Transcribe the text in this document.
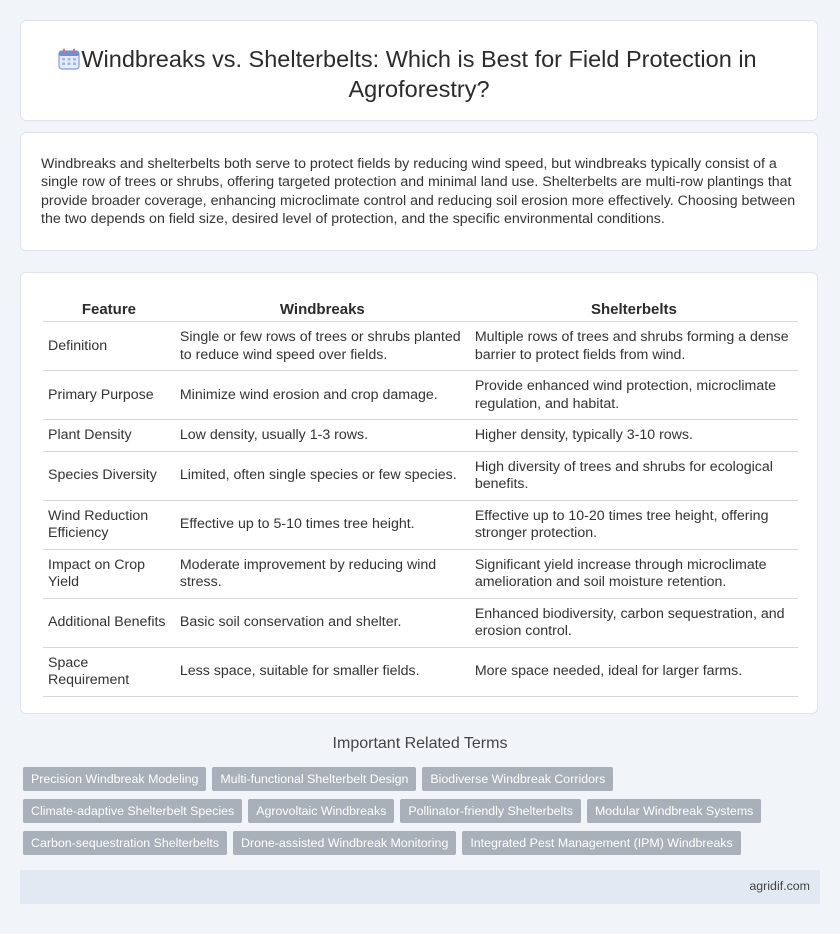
Windbreaks vs. Shelterbelts: Which is Best for Field Protection in Agroforestry?

Windbreaks and shelterbelts both serve to protect fields by reducing wind speed, but windbreaks typically consist of a single row of trees or shrubs, offering targeted protection and minimal land use. Shelterbelts are multi-row plantings that provide broader coverage, enhancing microclimate control and reducing soil erosion more effectively. Choosing between the two depends on field size, desired level of protection, and the specific environmental conditions.

Feature	Windbreaks	Shelterbelts
Definition	Single or few rows of trees or shrubs planted to reduce wind speed over fields.	Multiple rows of trees and shrubs forming a dense barrier to protect fields from wind.
Primary Purpose	Minimize wind erosion and crop damage.	Provide enhanced wind protection, microclimate regulation, and habitat.
Plant Density	Low density, usually 1-3 rows.	Higher density, typically 3-10 rows.
Species Diversity	Limited, often single species or few species.	High diversity of trees and shrubs for ecological benefits.
Wind Reduction Efficiency	Effective up to 5-10 times tree height.	Effective up to 10-20 times tree height, offering stronger protection.
Impact on Crop Yield	Moderate improvement by reducing wind stress.	Significant yield increase through microclimate amelioration and soil moisture retention.
Additional Benefits	Basic soil conservation and shelter.	Enhanced biodiversity, carbon sequestration, and erosion control.
Space Requirement	Less space, suitable for smaller fields.	More space needed, ideal for larger farms.
Important Related Terms
Precision Windbreak Modeling Multi-functional Shelterbelt Design Biodiverse Windbreak CorridorsClimate-adaptive Shelterbelt Species Agrovoltaic Windbreaks Pollinator-friendly Shelterbelts Modular Windbreak SystemsCarbon-sequestration Shelterbelts Drone-assisted Windbreak Monitoring Integrated Pest Management (IPM) Windbreaks
agridif.com
